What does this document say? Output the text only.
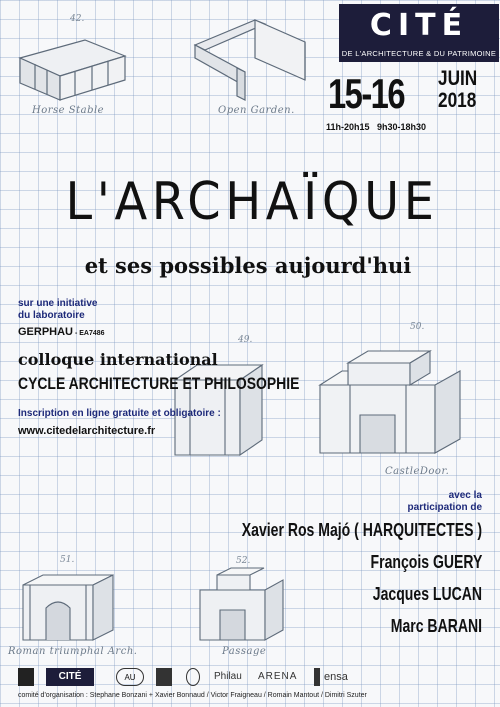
42.
Horse Stable	Open Garden.
CITÉ
DE L'ARCHITECTURE & DU PATRIMOINE
15-16 JUIN
2018
11h-20h15   9h30-18h30
L'ARCHAÏQUE
et ses possibles aujourd'hui
sur une initiative
du laboratoire
GERPHAU - EA7486
49.
50.
CastleDoor.
colloque international
CYCLE ARCHITECTURE ET PHILOSOPHIE
Inscription en ligne gratuite et obligatoire :
www.citedelarchitecture.fr
51.
Roman triumphal Arch.
52.
Passage
avec la
participation de
Xavier Ros Majó ( HARQUITECTES )
François GUERY
Jacques LUCAN
Marc BARANI
CITÉ	AU	Philau	ARENA	ensa
comité d'organisation : Stephane Bonzani + Xavier Bonnaud / Victor Fraigneau / Romain Mantout / Dimitri Szuter
